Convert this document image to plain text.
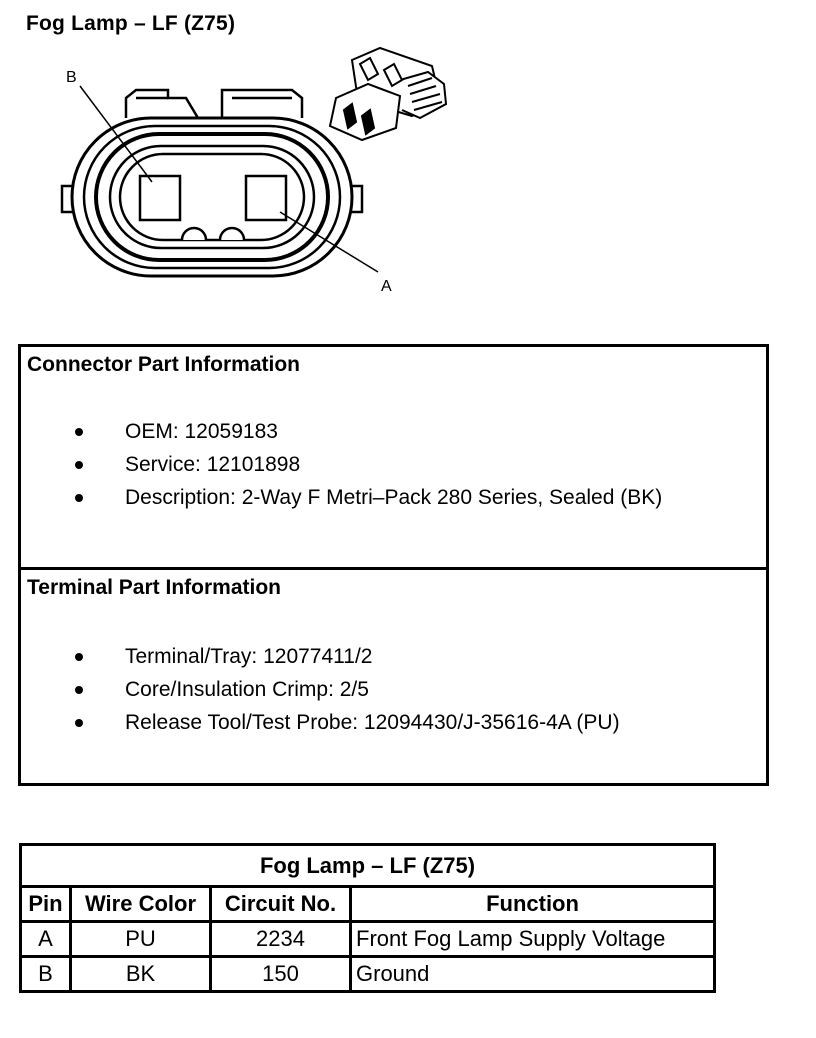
Fog Lamp – LF (Z75)
B
A
Connector Part Information
OEM: 12059183
Service: 12101898
Description: 2-Way F Metri–Pack 280 Series, Sealed (BK)
Terminal Part Information
Terminal/Tray: 12077411/2
Core/Insulation Crimp: 2/5
Release Tool/Test Probe: 12094430/J-35616-4A (PU)
Fog Lamp – LF (Z75)			
Pin	Wire Color	Circuit No.	Function
A	PU	2234	Front Fog Lamp Supply Voltage
B	BK	150	Ground
